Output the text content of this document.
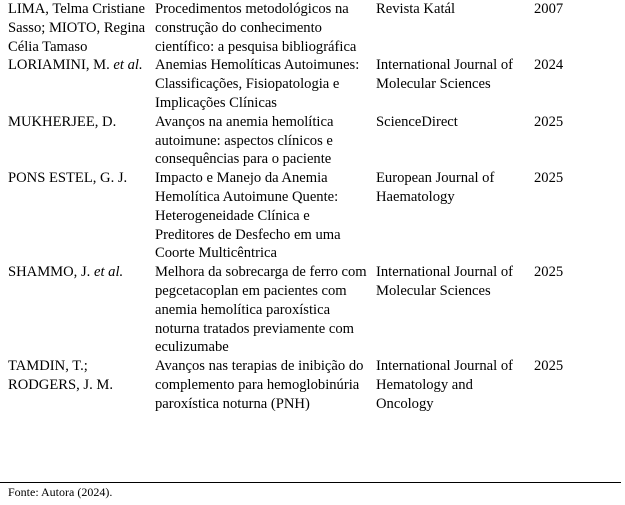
LIMA, Telma Cristiane Sasso; MIOTO, Regina Célia Tamaso	Procedimentos metodológicos na construção do conhecimento científico: a pesquisa bibliográfica	Revista Katál	2007
LORIAMINI, M. et al.	Anemias Hemolíticas Autoimunes: Classificações, Fisiopatologia e Implicações Clínicas	International Journal of Molecular Sciences	2024
MUKHERJEE, D.	Avanços na anemia hemolítica autoimune: aspectos clínicos e consequências para o paciente	ScienceDirect	2025
PONS ESTEL, G. J.	Impacto e Manejo da Anemia Hemolítica Autoimune Quente: Heterogeneidade Clínica e Preditores de Desfecho em uma Coorte Multicêntrica	European Journal of Haematology	2025
SHAMMO, J. et al.	Melhora da sobrecarga de ferro com pegcetacoplan em pacientes com anemia hemolítica paroxística noturna tratados previamente com eculizumabe	International Journal of Molecular Sciences	2025
TAMDIN, T.; RODGERS, J. M.	Avanços nas terapias de inibição do complemento para hemoglobinúria paroxística noturna (PNH)	International Journal of Hematology and Oncology	2025
Fonte: Autora (2024).
